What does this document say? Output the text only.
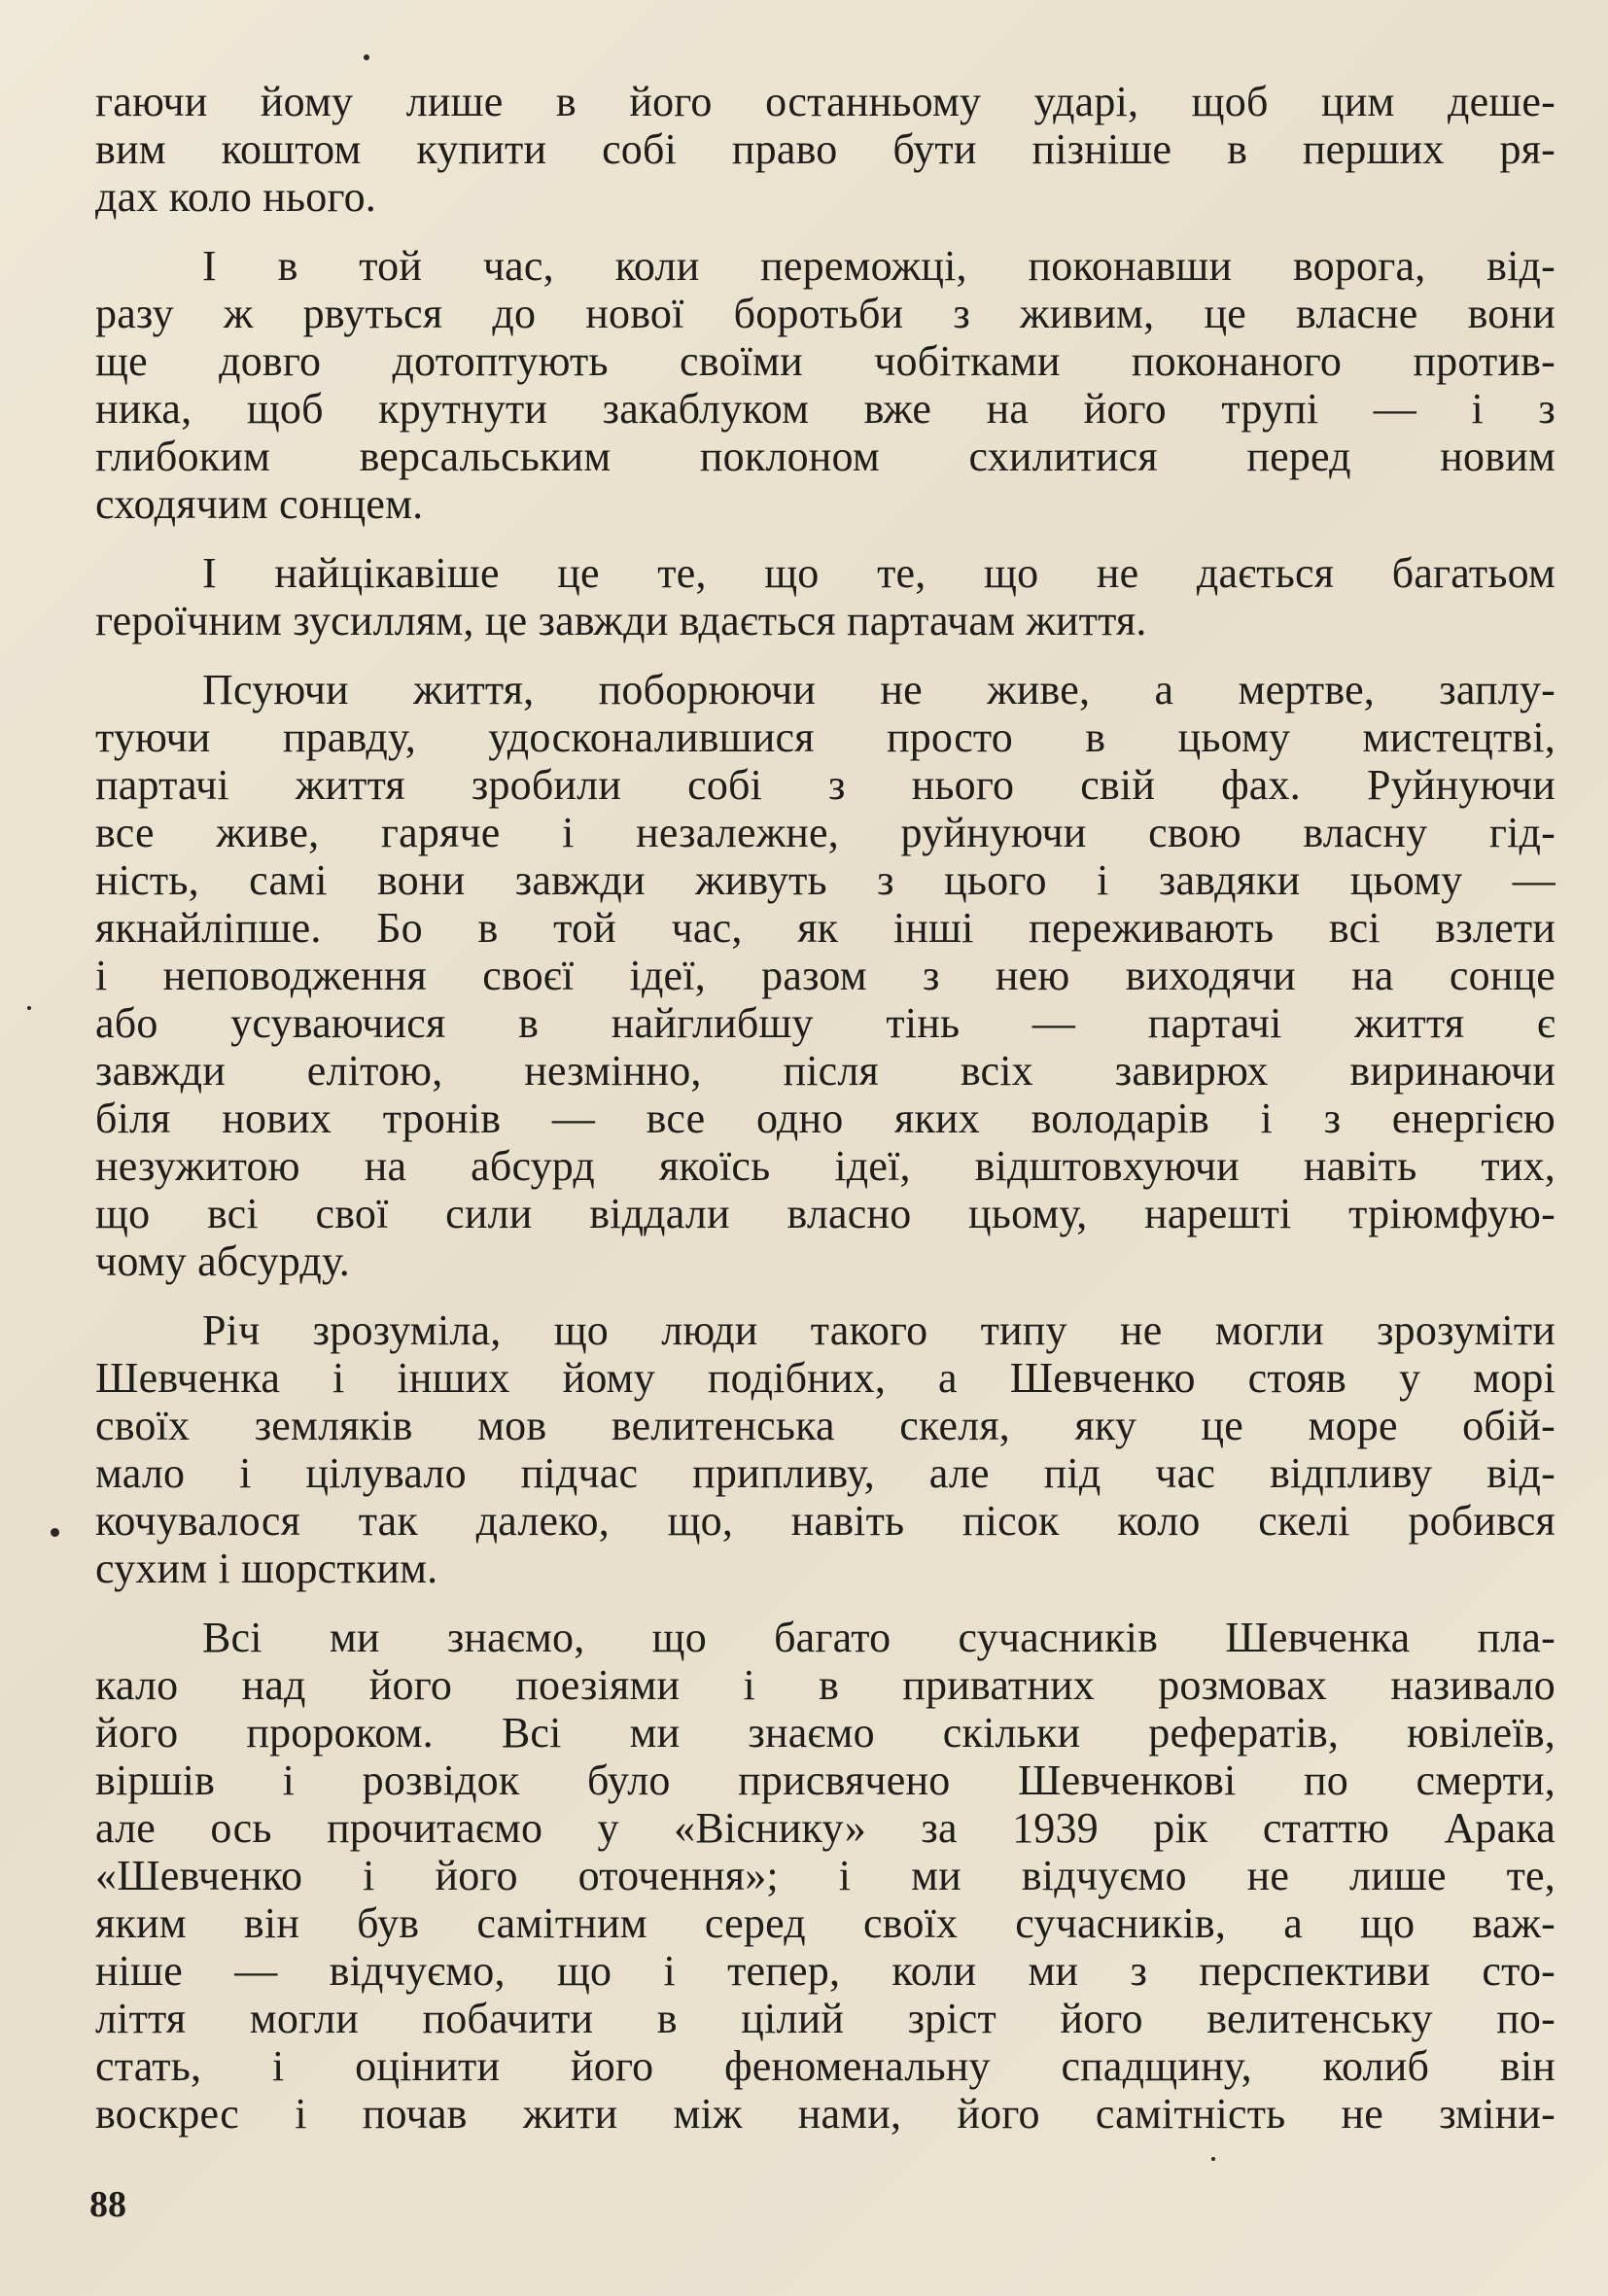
гаючи йому лише в його останньому ударі, щоб цим деше-
вим коштом купити собі право бути пізніше в перших ря-
дах коло нього.

І в той час, коли переможці, поконавши ворога, від-
разу ж рвуться до нової боротьби з живим, це власне вони
ще довго дотоптують своїми чобітками поконаного против-
ника, щоб крутнути закаблуком вже на його трупі — і з
глибоким версальським поклоном схилитися перед новим
сходячим сонцем.

І найцікавіше це те, що те, що не дається багатьом
героїчним зусиллям, це завжди вдається партачам життя.

Псуючи життя, поборюючи не живе, а мертве, заплу-
туючи правду, удосконалившися просто в цьому мистецтві,
партачі життя зробили собі з нього свій фах. Руйнуючи
все живе, гаряче і незалежне, руйнуючи свою власну гід-
ність, самі вони завжди живуть з цього і завдяки цьому —
якнайліпше. Бо в той час, як інші переживають всі взлети
і неповодження своєї ідеї, разом з нею виходячи на сонце
або усуваючися в найглибшу тінь — партачі життя є
завжди елітою, незмінно, після всіх завирюх виринаючи
біля нових тронів — все одно яких володарів і з енергією
незужитою на абсурд якоїсь ідеї, відштовхуючи навіть тих,
що всі свої сили віддали власно цьому, нарешті тріюмфую-
чому абсурду.

Річ зрозуміла, що люди такого типу не могли зрозуміти
Шевченка і інших йому подібних, а Шевченко стояв у морі
своїх земляків мов велитенська скеля, яку це море обій-
мало і цілувало підчас припливу, але під час відпливу від-
кочувалося так далеко, що, навіть пісок коло скелі робився
сухим і шорстким.

Всі ми знаємо, що багато сучасників Шевченка пла-
кало над його поезіями і в приватних розмовах називало
його пророком. Всі ми знаємо скільки рефератів, ювілеїв,
віршів і розвідок було присвячено Шевченкові по смерти,
але ось прочитаємо у «Віснику» за 1939 рік статтю Арака
«Шевченко і його оточення»; і ми відчуємо не лише те,
яким він був самітним серед своїх сучасників, а що важ-
ніше — відчуємо, що і тепер, коли ми з перспективи сто-
ліття могли побачити в цілий зріст його велитенську по-
стать, і оцінити його феноменальну спадщину, колиб він
воскрес і почав жити між нами, його самітність не зміни-

88
